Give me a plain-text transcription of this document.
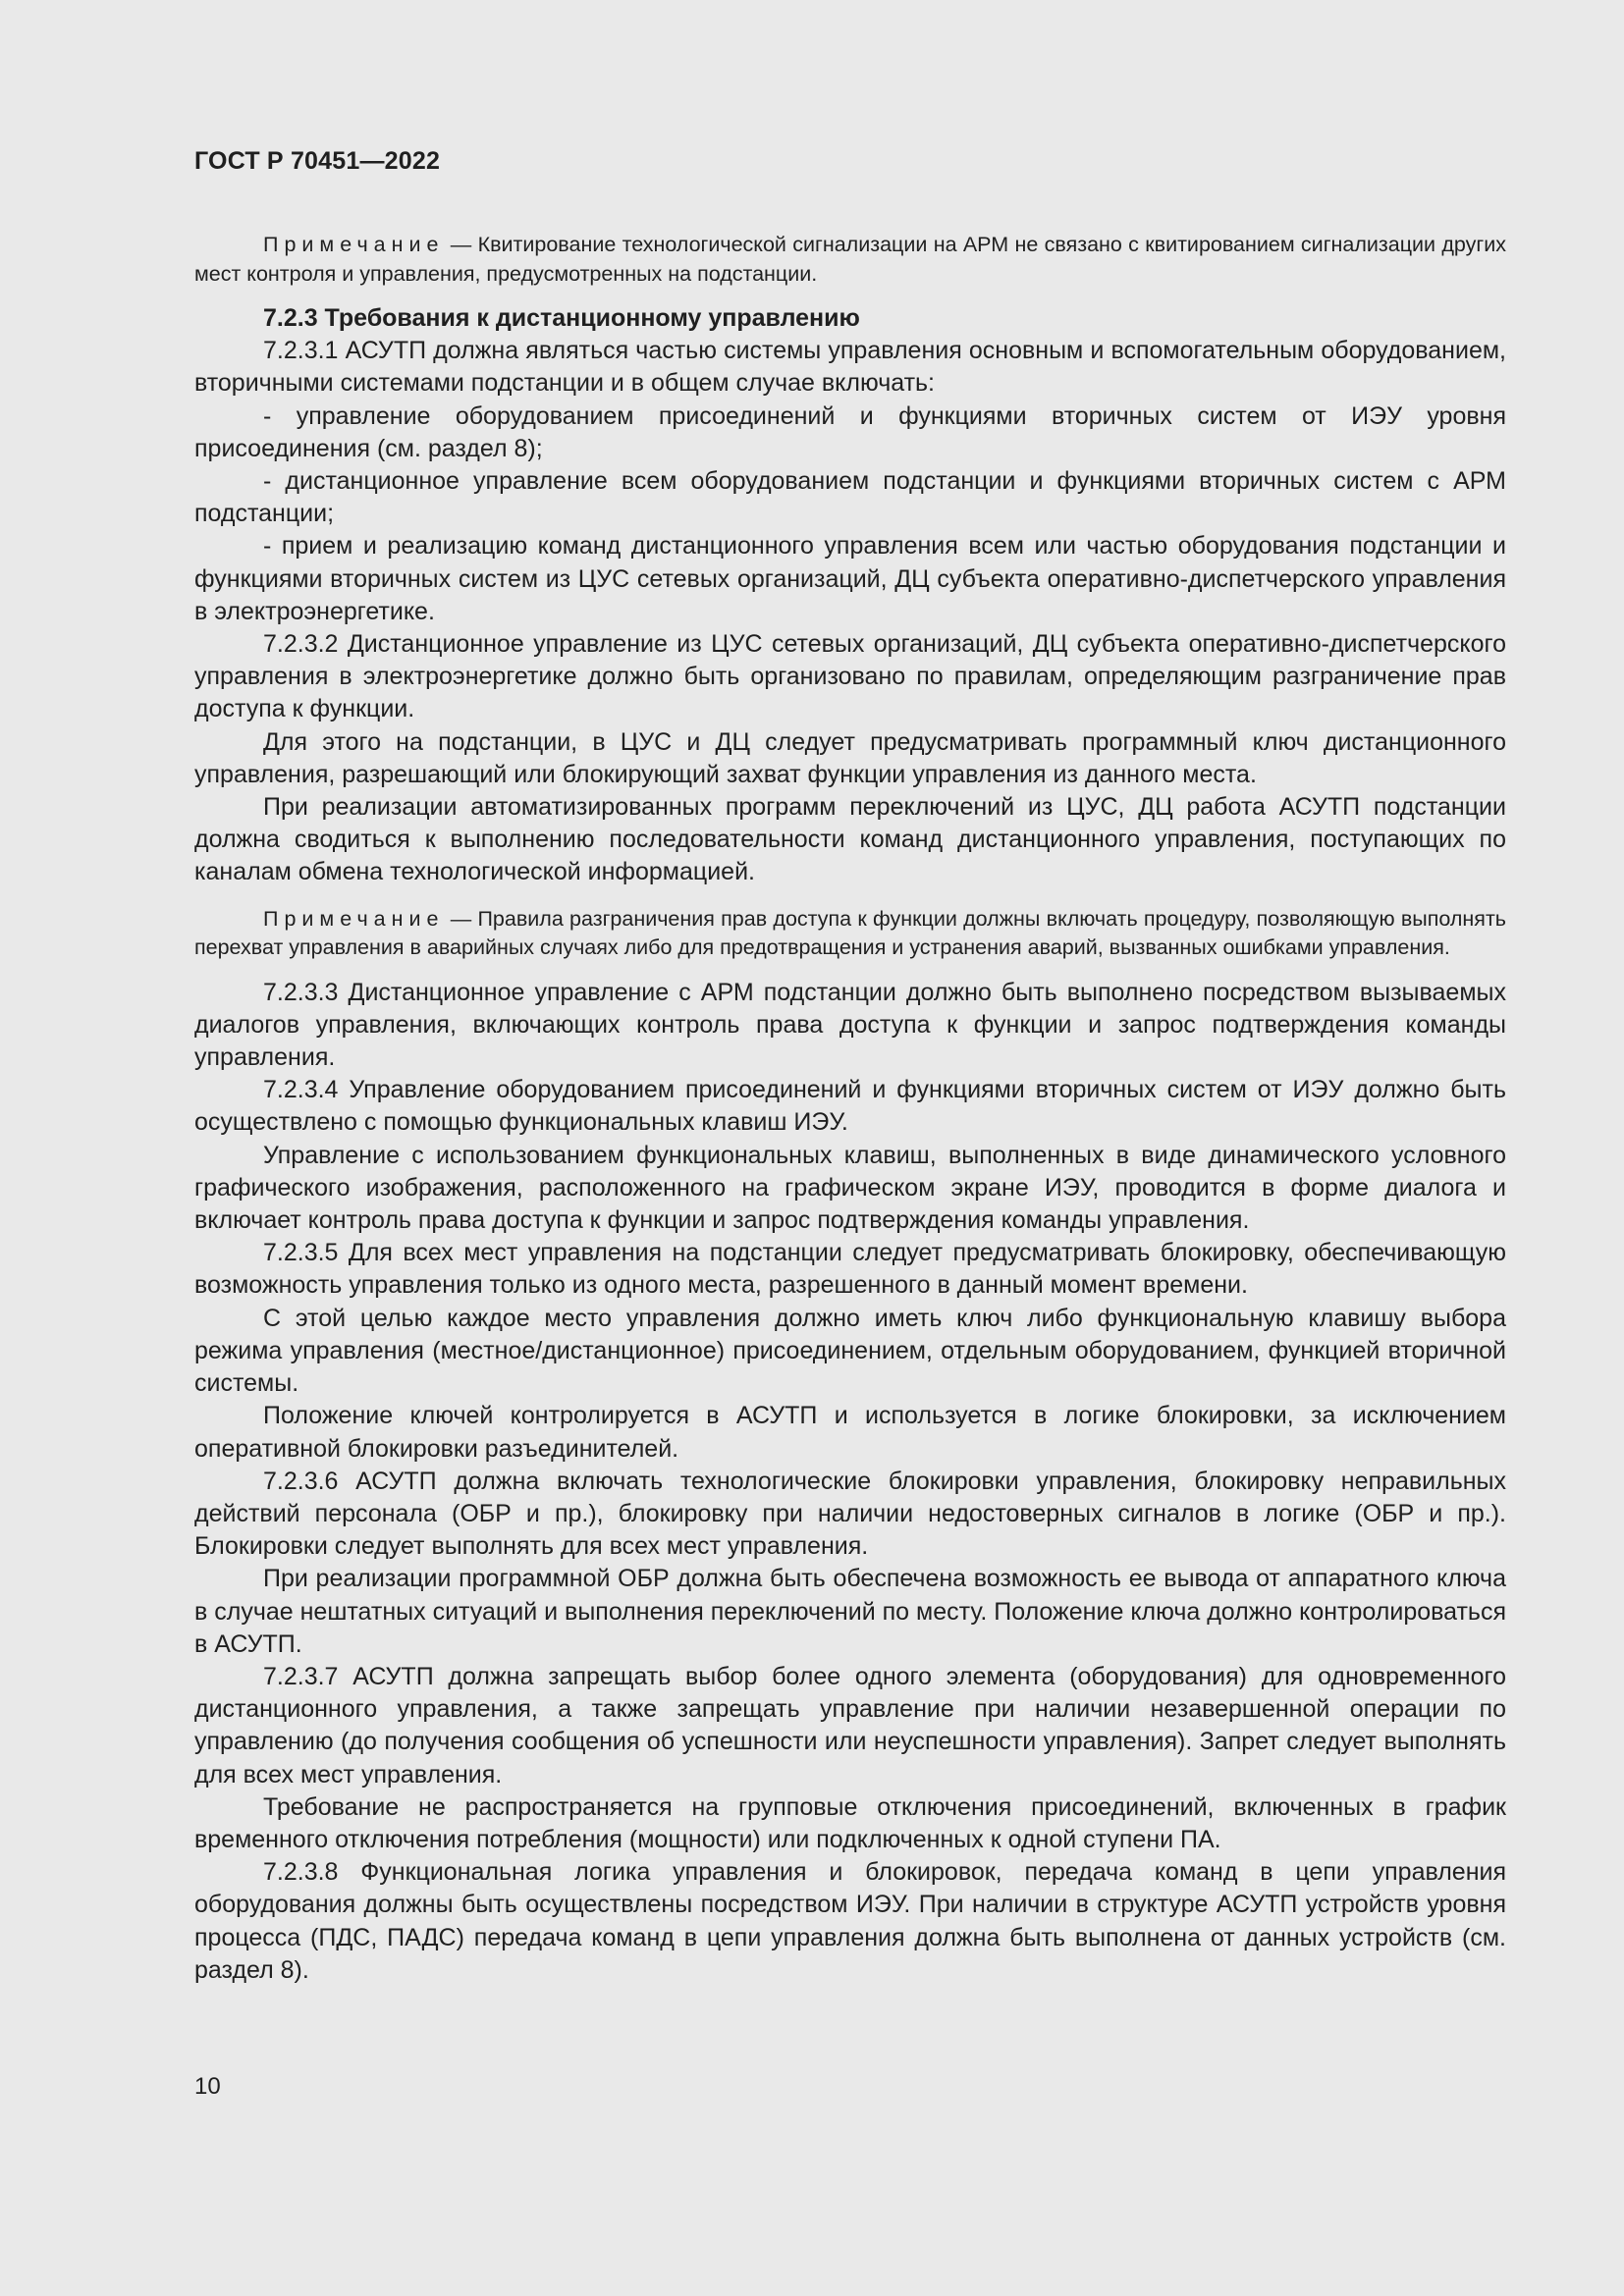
ГОСТ Р 70451—2022

Примечание — Квитирование технологической сигнализации на АРМ не связано с квитированием сигнализации других мест контроля и управления, предусмотренных на подстанции.

7.2.3 Требования к дистанционному управлению

7.2.3.1 АСУТП должна являться частью системы управления основным и вспомогательным оборудованием, вторичными системами подстанции и в общем случае включать:

- управление оборудованием присоединений и функциями вторичных систем от ИЭУ уровня присоединения (см. раздел 8);

- дистанционное управление всем оборудованием подстанции и функциями вторичных систем с АРМ подстанции;

- прием и реализацию команд дистанционного управления всем или частью оборудования подстанции и функциями вторичных систем из ЦУС сетевых организаций, ДЦ субъекта оперативно-диспетчерского управления в электроэнергетике.

7.2.3.2 Дистанционное управление из ЦУС сетевых организаций, ДЦ субъекта оперативно-диспетчерского управления в электроэнергетике должно быть организовано по правилам, определяющим разграничение прав доступа к функции.

Для этого на подстанции, в ЦУС и ДЦ следует предусматривать программный ключ дистанционного управления, разрешающий или блокирующий захват функции управления из данного места.

При реализации автоматизированных программ переключений из ЦУС, ДЦ работа АСУТП подстанции должна сводиться к выполнению последовательности команд дистанционного управления, поступающих по каналам обмена технологической информацией.

Примечание — Правила разграничения прав доступа к функции должны включать процедуру, позволяющую выполнять перехват управления в аварийных случаях либо для предотвращения и устранения аварий, вызванных ошибками управления.

7.2.3.3 Дистанционное управление с АРМ подстанции должно быть выполнено посредством вызываемых диалогов управления, включающих контроль права доступа к функции и запрос подтверждения команды управления.

7.2.3.4 Управление оборудованием присоединений и функциями вторичных систем от ИЭУ должно быть осуществлено с помощью функциональных клавиш ИЭУ.

Управление с использованием функциональных клавиш, выполненных в виде динамического условного графического изображения, расположенного на графическом экране ИЭУ, проводится в форме диалога и включает контроль права доступа к функции и запрос подтверждения команды управления.

7.2.3.5 Для всех мест управления на подстанции следует предусматривать блокировку, обеспечивающую возможность управления только из одного места, разрешенного в данный момент времени.

С этой целью каждое место управления должно иметь ключ либо функциональную клавишу выбора режима управления (местное/дистанционное) присоединением, отдельным оборудованием, функцией вторичной системы.

Положение ключей контролируется в АСУТП и используется в логике блокировки, за исключением оперативной блокировки разъединителей.

7.2.3.6 АСУТП должна включать технологические блокировки управления, блокировку неправильных действий персонала (ОБР и пр.), блокировку при наличии недостоверных сигналов в логике (ОБР и пр.). Блокировки следует выполнять для всех мест управления.

При реализации программной ОБР должна быть обеспечена возможность ее вывода от аппаратного ключа в случае нештатных ситуаций и выполнения переключений по месту. Положение ключа должно контролироваться в АСУТП.

7.2.3.7 АСУТП должна запрещать выбор более одного элемента (оборудования) для одновременного дистанционного управления, а также запрещать управление при наличии незавершенной операции по управлению (до получения сообщения об успешности или неуспешности управления). Запрет следует выполнять для всех мест управления.

Требование не распространяется на групповые отключения присоединений, включенных в график временного отключения потребления (мощности) или подключенных к одной ступени ПА.

7.2.3.8 Функциональная логика управления и блокировок, передача команд в цепи управления оборудования должны быть осуществлены посредством ИЭУ. При наличии в структуре АСУТП устройств уровня процесса (ПДС, ПАДС) передача команд в цепи управления должна быть выполнена от данных устройств (см. раздел 8).

10
